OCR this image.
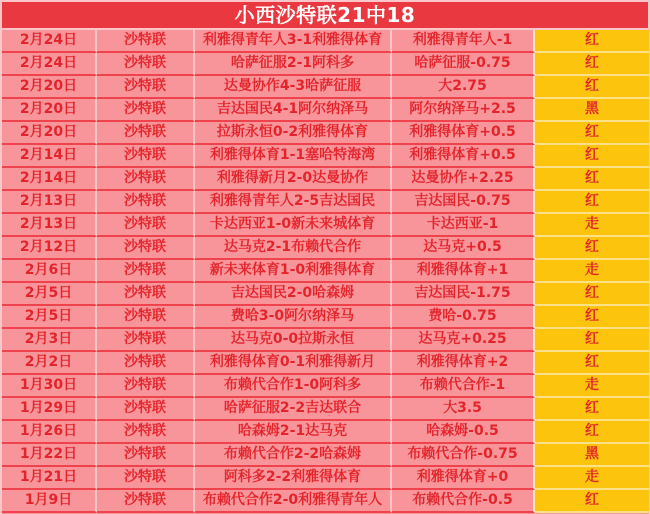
小西沙特联21中18
2月24日	沙特联	利雅得青年人3-1利雅得体育	利雅得青年人-1	红
2月24日	沙特联	哈萨征服2-1阿科多	哈萨征服-0.75	红
2月20日	沙特联	达曼协作4-3哈萨征服	大2.75	红
2月20日	沙特联	吉达国民4-1阿尔纳泽马	阿尔纳泽马+2.5	黑
2月20日	沙特联	拉斯永恒0-2利雅得体育	利雅得体育+0.5	红
2月14日	沙特联	利雅得体育1-1塞哈特海湾	利雅得体育+0.5	红
2月14日	沙特联	利雅得新月2-0达曼协作	达曼协作+2.25	红
2月13日	沙特联	利雅得青年人2-5吉达国民	吉达国民-0.75	红
2月13日	沙特联	卡达西亚1-0新未来城体育	卡达西亚-1	走
2月12日	沙特联	达马克2-1布赖代合作	达马克+0.5	红
2月6日	沙特联	新未来体育1-0利雅得体育	利雅得体育+1	走
2月5日	沙特联	吉达国民2-0哈森姆	吉达国民-1.75	红
2月5日	沙特联	费哈3-0阿尔纳泽马	费哈-0.75	红
2月3日	沙特联	达马克0-0拉斯永恒	达马克+0.25	红
2月2日	沙特联	利雅得体育0-1利雅得新月	利雅得体育+2	红
1月30日	沙特联	布赖代合作1-0阿科多	布赖代合作-1	走
1月29日	沙特联	哈萨征服2-2吉达联合	大3.5	红
1月26日	沙特联	哈森姆2-1达马克	哈森姆-0.5	红
1月22日	沙特联	布赖代合作2-2哈森姆	布赖代合作-0.75	黑
1月21日	沙特联	阿科多2-2利雅得体育	利雅得体育+0	走
1月9日	沙特联	布赖代合作2-0利雅得青年人	布赖代合作-0.5	红
